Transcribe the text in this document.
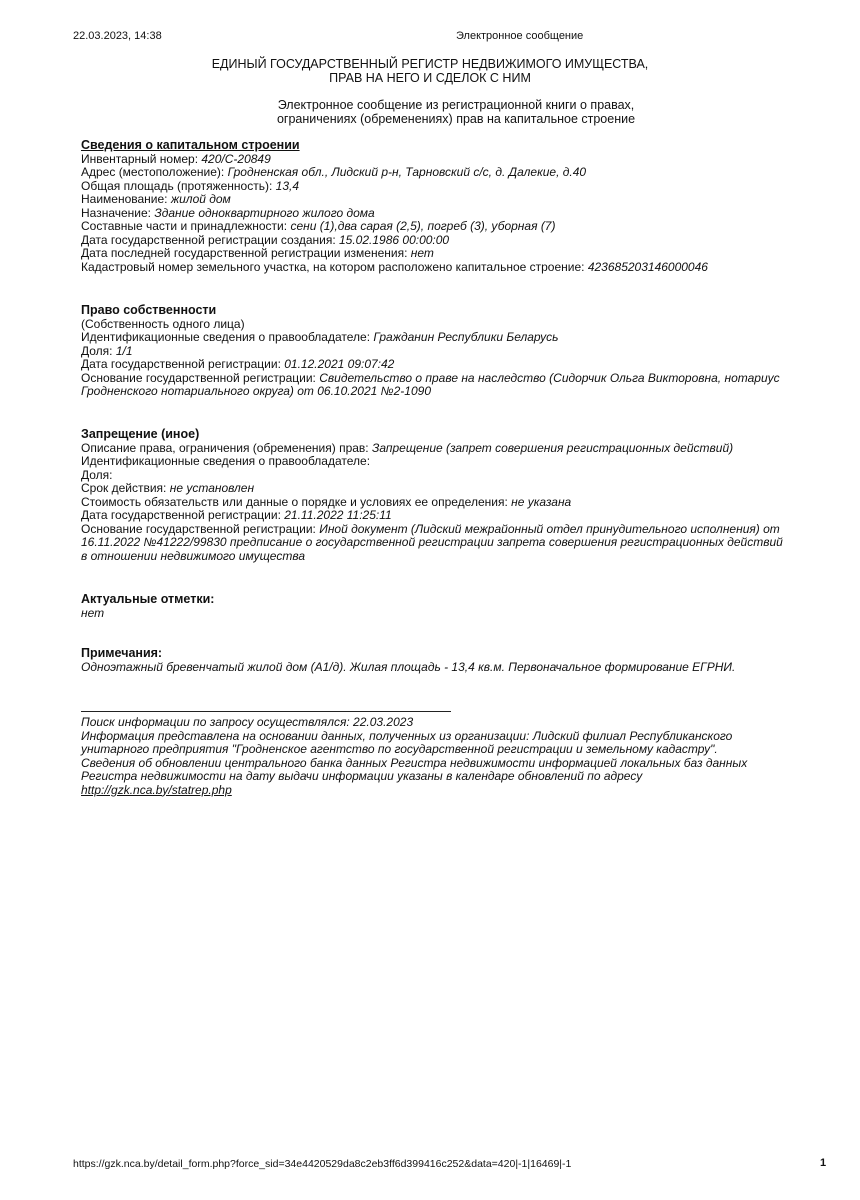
22.03.2023, 14:38	Электронное сообщение
ЕДИНЫЙ ГОСУДАРСТВЕННЫЙ РЕГИСТР НЕДВИЖИМОГО ИМУЩЕСТВА,
ПРАВ НА НЕГО И СДЕЛОК С НИМ
Электронное сообщение из регистрационной книги о правах,
ограничениях (обременениях) прав на капитальное строение
Сведения о капитальном строении
Инвентарный номер: 420/C-20849
Адрес (местоположение): Гродненская обл., Лидский р-н, Тарновский с/с, д. Далекие, д.40
Общая площадь (протяженность): 13,4
Наименование: жилой дом
Назначение: Здание одноквартирного жилого дома
Составные части и принадлежности: сени (1),два сарая (2,5), погреб (3), уборная (7)
Дата государственной регистрации создания: 15.02.1986 00:00:00
Дата последней государственной регистрации изменения: нет
Кадастровый номер земельного участка, на котором расположено капитальное строение: 423685203146000046
Право собственности
(Собственность одного лица)
Идентификационные сведения о правообладателе: Гражданин Республики Беларусь
Доля: 1/1
Дата государственной регистрации: 01.12.2021 09:07:42
Основание государственной регистрации: Свидетельство о праве на наследство (Сидорчик Ольга Викторовна, нотариус
Гродненского нотариального округа) от 06.10.2021 №2-1090
Запрещение (иное)
Описание права, ограничения (обременения) прав: Запрещение (запрет совершения регистрационных действий)
Идентификационные сведения о правообладателе:
Доля:
Срок действия: не установлен
Стоимость обязательств или данные о порядке и условиях ее определения: не указана
Дата государственной регистрации: 21.11.2022 11:25:11
Основание государственной регистрации: Иной документ (Лидский межрайонный отдел принудительного исполнения) от
16.11.2022 №41222/99830 предписание о государственной регистрации запрета совершения регистрационных действий
в отношении недвижимого имущества
Актуальные отметки:
нет
Примечания:
Одноэтажный бревенчатый жилой дом (А1/д). Жилая площадь - 13,4 кв.м. Первоначальное формирование ЕГРНИ.
Поиск информации по запросу осуществлялся: 22.03.2023
Информация представлена на основании данных, полученных из организации: Лидский филиал Республиканского
унитарного предприятия "Гродненское агентство по государственной регистрации и земельному кадастру".
Сведения об обновлении центрального банка данных Регистра недвижимости информацией локальных баз данных
Регистра недвижимости на дату выдачи информации указаны в календаре обновлений по адресу
http://gzk.nca.by/statrep.php
https://gzk.nca.by/detail_form.php?force_sid=34e4420529da8c2eb3ff6d399416c252&data=420|-1|16469|-1	1
